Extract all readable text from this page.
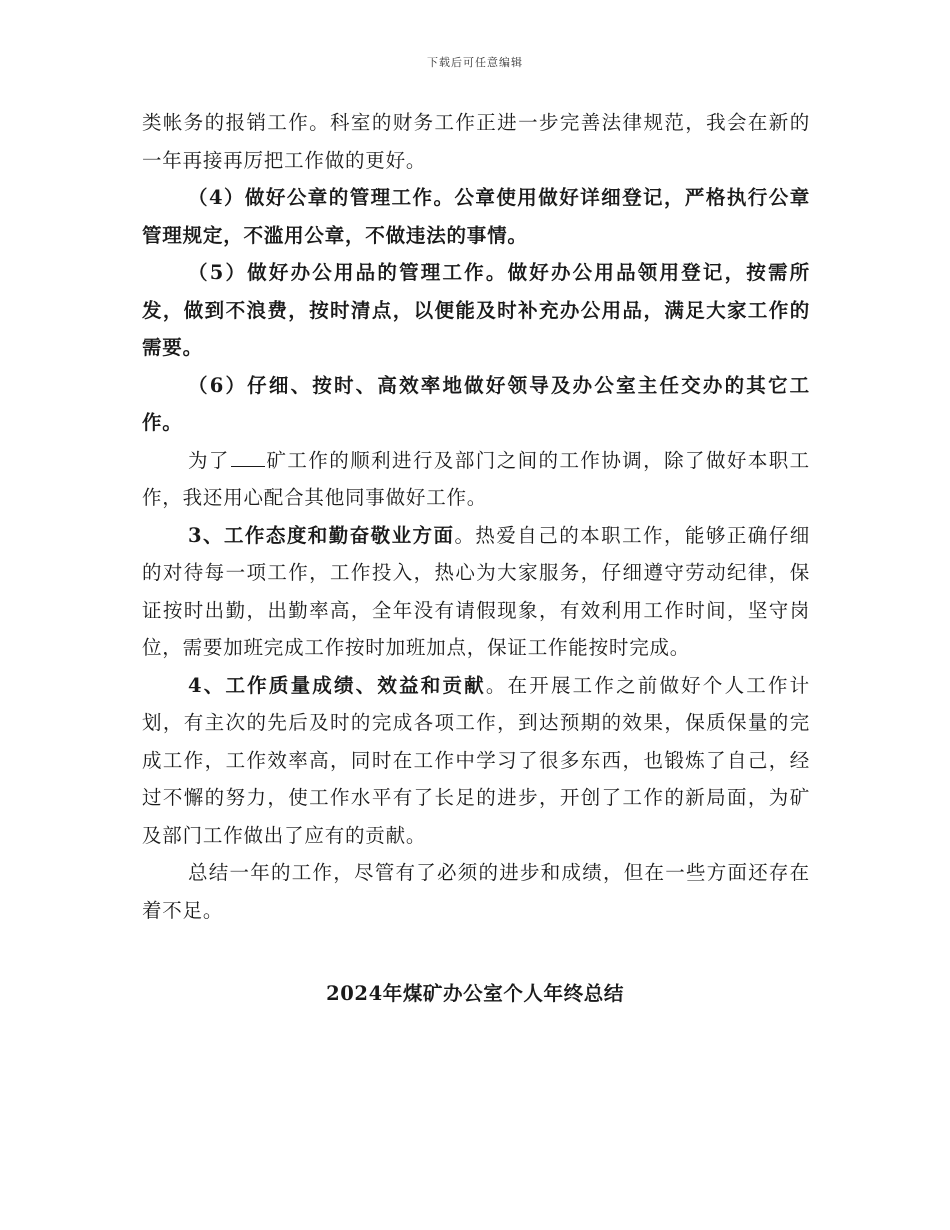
下载后可任意编辑

类帐务的报销工作。科室的财务工作正进一步完善法律规范，我会在新的一年再接再厉把工作做的更好。

（4）做好公章的管理工作。公章使用做好详细登记，严格执行公章管理规定，不滥用公章，不做违法的事情。

（5）做好办公用品的管理工作。做好办公用品领用登记，按需所发，做到不浪费，按时清点，以便能及时补充办公用品，满足大家工作的需要。

（6）仔细、按时、高效率地做好领导及办公室主任交办的其它工作。

为了 矿工作的顺利进行及部门之间的工作协调，除了做好本职工作，我还用心配合其他同事做好工作。

3、工作态度和勤奋敬业方面。热爱自己的本职工作，能够正确仔细的对待每一项工作，工作投入，热心为大家服务，仔细遵守劳动纪律，保证按时出勤，出勤率高，全年没有请假现象，有效利用工作时间，坚守岗位，需要加班完成工作按时加班加点，保证工作能按时完成。

4、工作质量成绩、效益和贡献。在开展工作之前做好个人工作计划，有主次的先后及时的完成各项工作，到达预期的效果，保质保量的完成工作，工作效率高，同时在工作中学习了很多东西，也锻炼了自己，经过不懈的努力，使工作水平有了长足的进步，开创了工作的新局面，为矿及部门工作做出了应有的贡献。

总结一年的工作，尽管有了必须的进步和成绩，但在一些方面还存在着不足。

2024年煤矿办公室个人年终总结
